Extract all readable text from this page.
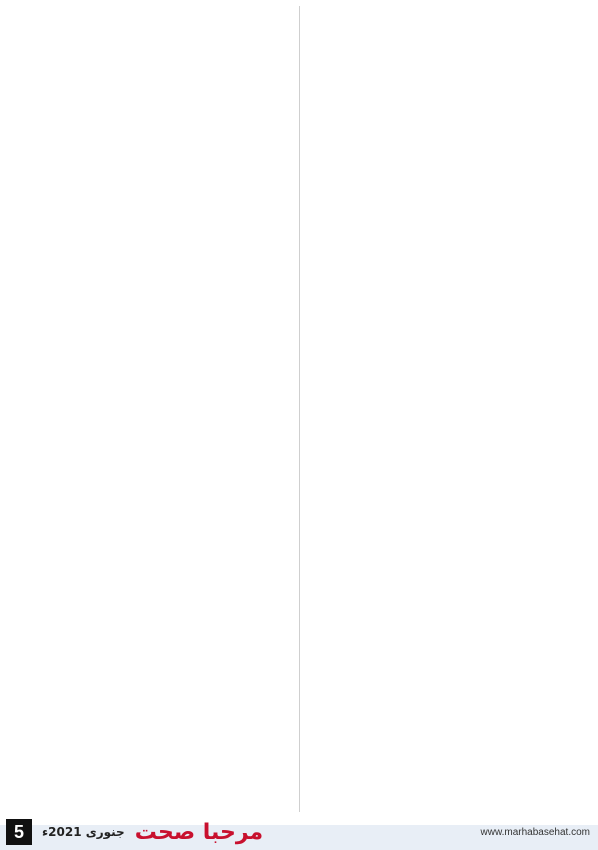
5	جنوری 2021ء مرحبا صحت	www.marhabasehat.com
